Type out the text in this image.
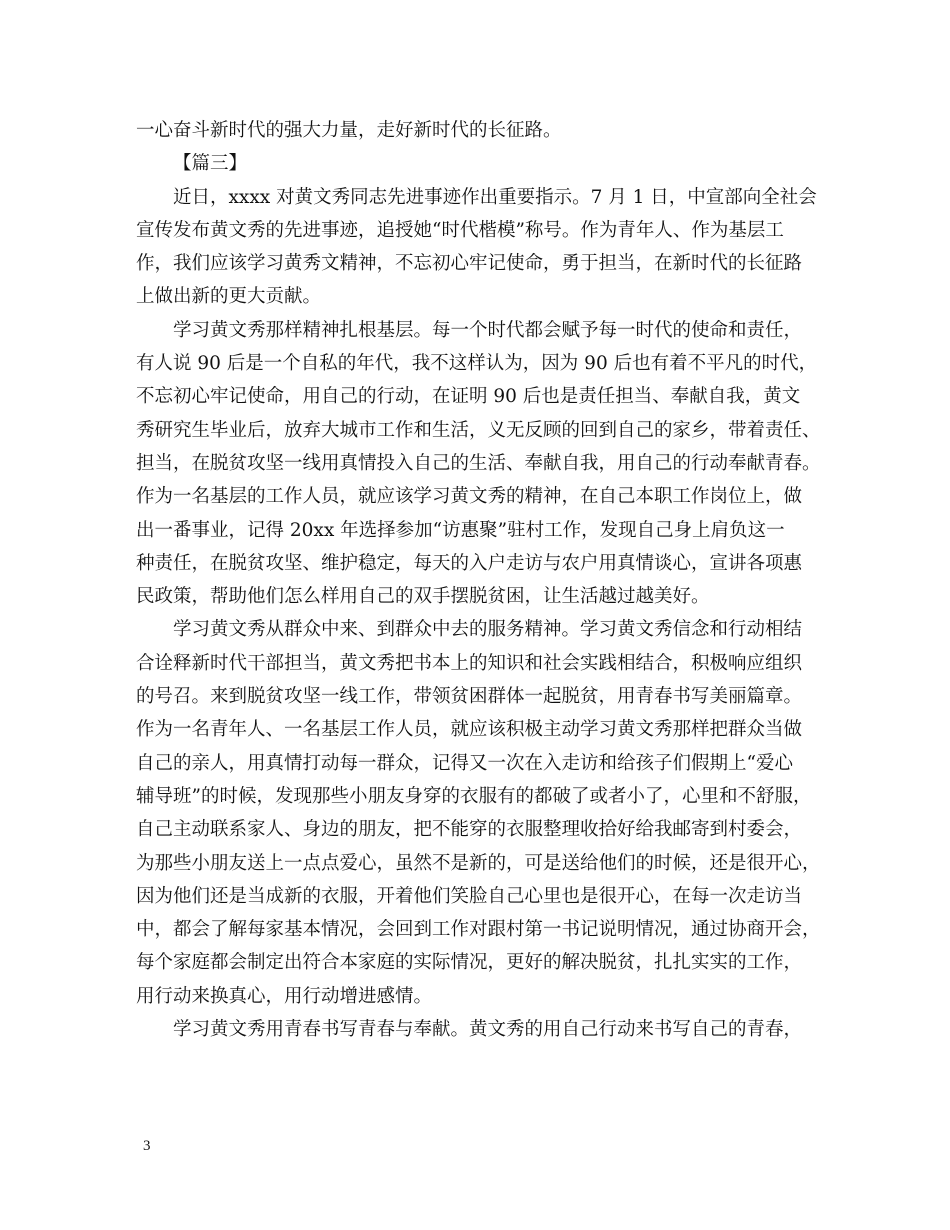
一心奋斗新时代的强大力量，走好新时代的长征路。
【篇三】
近日，xxxx 对黄文秀同志先进事迹作出重要指示。7 月 1 日，中宣部向全社会
宣传发布黄文秀的先进事迹，追授她“时代楷模”称号。作为青年人、作为基层工
作，我们应该学习黄秀文精神，不忘初心牢记使命，勇于担当，在新时代的长征路
上做出新的更大贡献。
学习黄文秀那样精神扎根基层。每一个时代都会赋予每一时代的使命和责任，
有人说 90 后是一个自私的年代，我不这样认为，因为 90 后也有着不平凡的时代，
不忘初心牢记使命，用自己的行动，在证明 90 后也是责任担当、奉献自我，黄文
秀研究生毕业后，放弃大城市工作和生活，义无反顾的回到自己的家乡，带着责任、
担当，在脱贫攻坚一线用真情投入自己的生活、奉献自我，用自己的行动奉献青春。
作为一名基层的工作人员，就应该学习黄文秀的精神，在自己本职工作岗位上，做
出一番事业，记得 20xx 年选择参加“访惠聚”驻村工作，发现自己身上肩负这一
种责任，在脱贫攻坚、维护稳定，每天的入户走访与农户用真情谈心，宣讲各项惠
民政策，帮助他们怎么样用自己的双手摆脱贫困，让生活越过越美好。
学习黄文秀从群众中来、到群众中去的服务精神。学习黄文秀信念和行动相结
合诠释新时代干部担当，黄文秀把书本上的知识和社会实践相结合，积极响应组织
的号召。来到脱贫攻坚一线工作，带领贫困群体一起脱贫，用青春书写美丽篇章。
作为一名青年人、一名基层工作人员，就应该积极主动学习黄文秀那样把群众当做
自己的亲人，用真情打动每一群众，记得又一次在入走访和给孩子们假期上“爱心
辅导班”的时候，发现那些小朋友身穿的衣服有的都破了或者小了，心里和不舒服，
自己主动联系家人、身边的朋友，把不能穿的衣服整理收拾好给我邮寄到村委会，
为那些小朋友送上一点点爱心，虽然不是新的，可是送给他们的时候，还是很开心，
因为他们还是当成新的衣服，开着他们笑脸自己心里也是很开心，在每一次走访当
中，都会了解每家基本情况，会回到工作对跟村第一书记说明情况，通过协商开会，
每个家庭都会制定出符合本家庭的实际情况，更好的解决脱贫，扎扎实实的工作，
用行动来换真心，用行动增进感情。
学习黄文秀用青春书写青春与奉献。黄文秀的用自己行动来书写自己的青春，
3
